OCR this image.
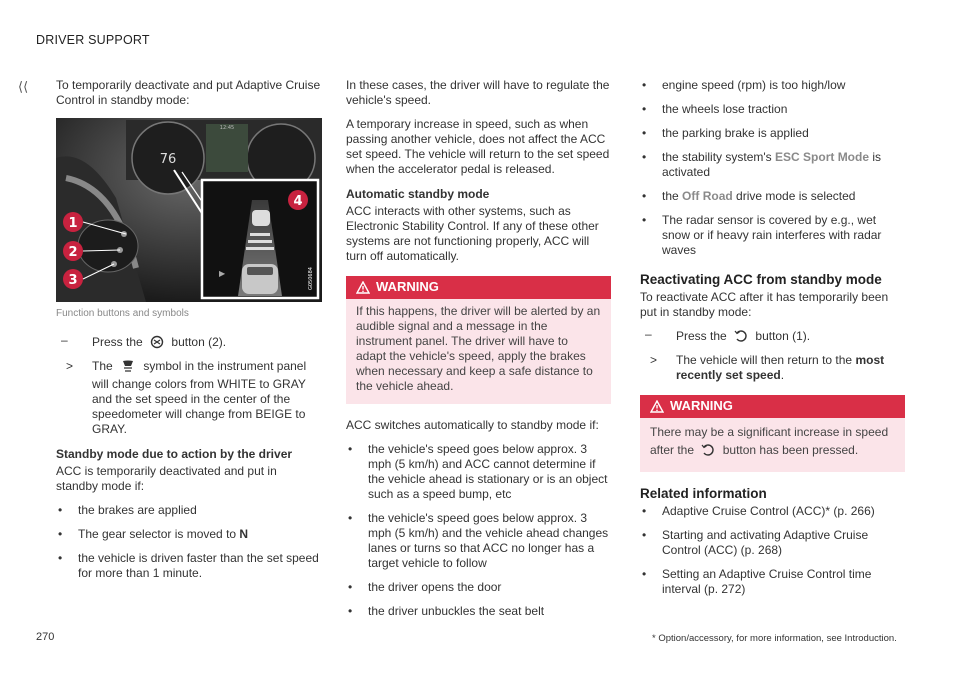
DRIVER SUPPORT
⟨⟨ To temporarily deactivate and put Adaptive Cruise Control in standby mode:

76
12:45
▶	G050684
1
2
3
4
Function buttons and symbols
– Press the button (2).
> The	symbol in the instrument panel will change colors from WHITE to GRAY and the set speed in the center of the speedometer will change from BEIGE to GRAY.
Standby mode due to action by the driver

ACC is temporarily deactivated and put in standby mode if:

• the brakes are applied
• The gear selector is moved to N
• the vehicle is driven faster than the set speed for more than 1 minute.

In these cases, the driver will have to regulate the vehicle's speed.

A temporary increase in speed, such as when passing another vehicle, does not affect the ACC set speed. The vehicle will return to the set speed when the accelerator pedal is released.

Automatic standby mode

ACC interacts with other systems, such as Electronic Stability Control. If any of these other systems are not functioning properly, ACC will turn off automatically.

WARNING
If this happens, the driver will be alerted by an audible signal and a message in the instrument panel. The driver will have to adapt the vehicle's speed, apply the brakes when necessary and keep a safe distance to the vehicle ahead.

ACC switches automatically to standby mode if:

• the vehicle's speed goes below approx. 3 mph (5 km/h) and ACC cannot determine if the vehicle ahead is stationary or is an object such as a speed bump, etc
• the vehicle's speed goes below approx. 3 mph (5 km/h) and the vehicle ahead changes lanes or turns so that ACC no longer has a target vehicle to follow
• the driver opens the door
• the driver unbuckles the seat belt
• engine speed (rpm) is too high/low
• the wheels lose traction
• the parking brake is applied
• the stability system's ESC Sport Mode is activated
• the Off Road drive mode is selected
• The radar sensor is covered by e.g., wet snow or if heavy rain interferes with radar waves
Reactivating ACC from standby mode

To reactivate ACC after it has temporarily been put in standby mode:

– Press the button (1).
> The vehicle will then return to the most recently set speed.
WARNING
There may be a significant increase in speed after the button has been pressed.
Related information
• Adaptive Cruise Control (ACC)* (p. 266)
• Starting and activating Adaptive Cruise Control (ACC) (p. 268)
• Setting an Adaptive Cruise Control time interval (p. 272)
270	* Option/accessory, for more information, see Introduction.
